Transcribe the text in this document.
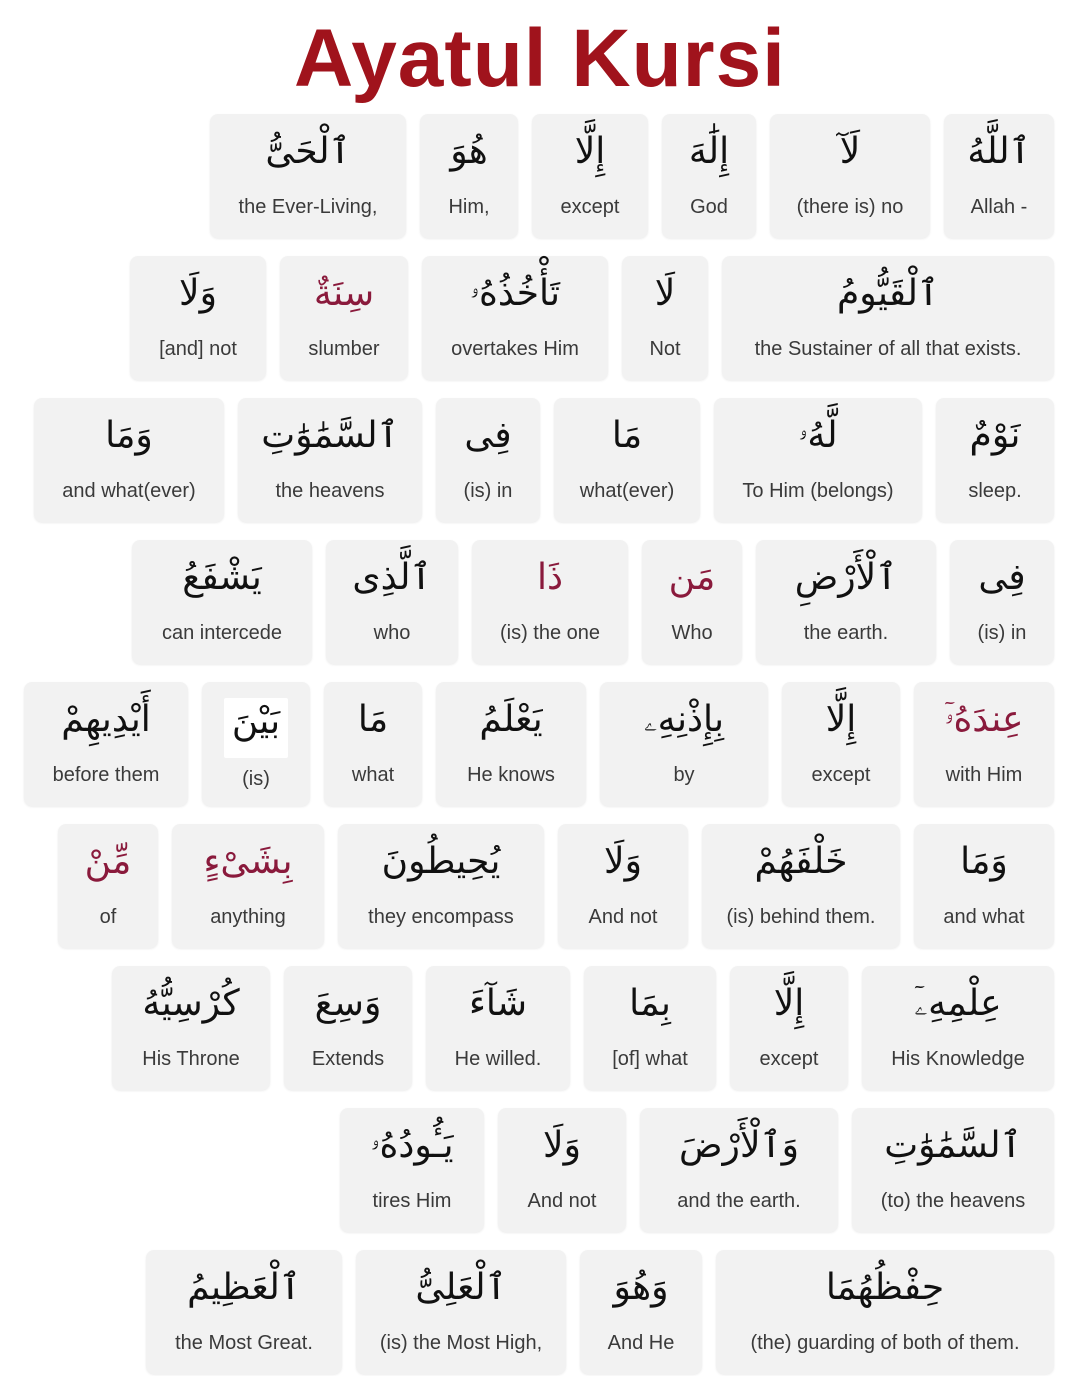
Ayatul Kursi
ٱللَّهُ
Allah -
لَآ
(there is) no
إِلَٰهَ
God
إِلَّا
except
هُوَ
Him,
ٱلْحَىُّ
the Ever-Living,
ٱلْقَيُّومُ
the Sustainer of all that exists.
لَا
Not
تَأْخُذُهُۥ
overtakes Him
سِنَةٌ
slumber
وَلَا
[and] not
نَوْمٌ
sleep.
لَّهُۥ
To Him (belongs)
مَا
what(ever)
فِى
(is) in
ٱلسَّمَٰوَٰتِ
the heavens
وَمَا
and what(ever)
فِى
(is) in
ٱلْأَرْضِ
the earth.
مَن
Who
ذَا
(is) the one
ٱلَّذِى
who
يَشْفَعُ
can intercede
عِندَهُۥٓ
with Him
إِلَّا
except
بِإِذْنِهِۦ
by
يَعْلَمُ
He knows
مَا
what
بَيْنَ
(is)
أَيْدِيهِمْ
before them
وَمَا
and what
خَلْفَهُمْ
(is) behind them.
وَلَا
And not
يُحِيطُونَ
they encompass
بِشَىْءٍ
anything
مِّنْ
of
عِلْمِهِۦٓ
His Knowledge
إِلَّا
except
بِمَا
[of] what
شَآءَ
He willed.
وَسِعَ
Extends
كُرْسِيُّهُ
His Throne
ٱلسَّمَٰوَٰتِ
(to) the heavens
وَٱلْأَرْضَ
and the earth.
وَلَا
And not
يَـُٔودُهُۥ
tires Him
حِفْظُهُمَا
(the) guarding of both of them.
وَهُوَ
And He
ٱلْعَلِىُّ
(is) the Most High,
ٱلْعَظِيمُ
the Most Great.
